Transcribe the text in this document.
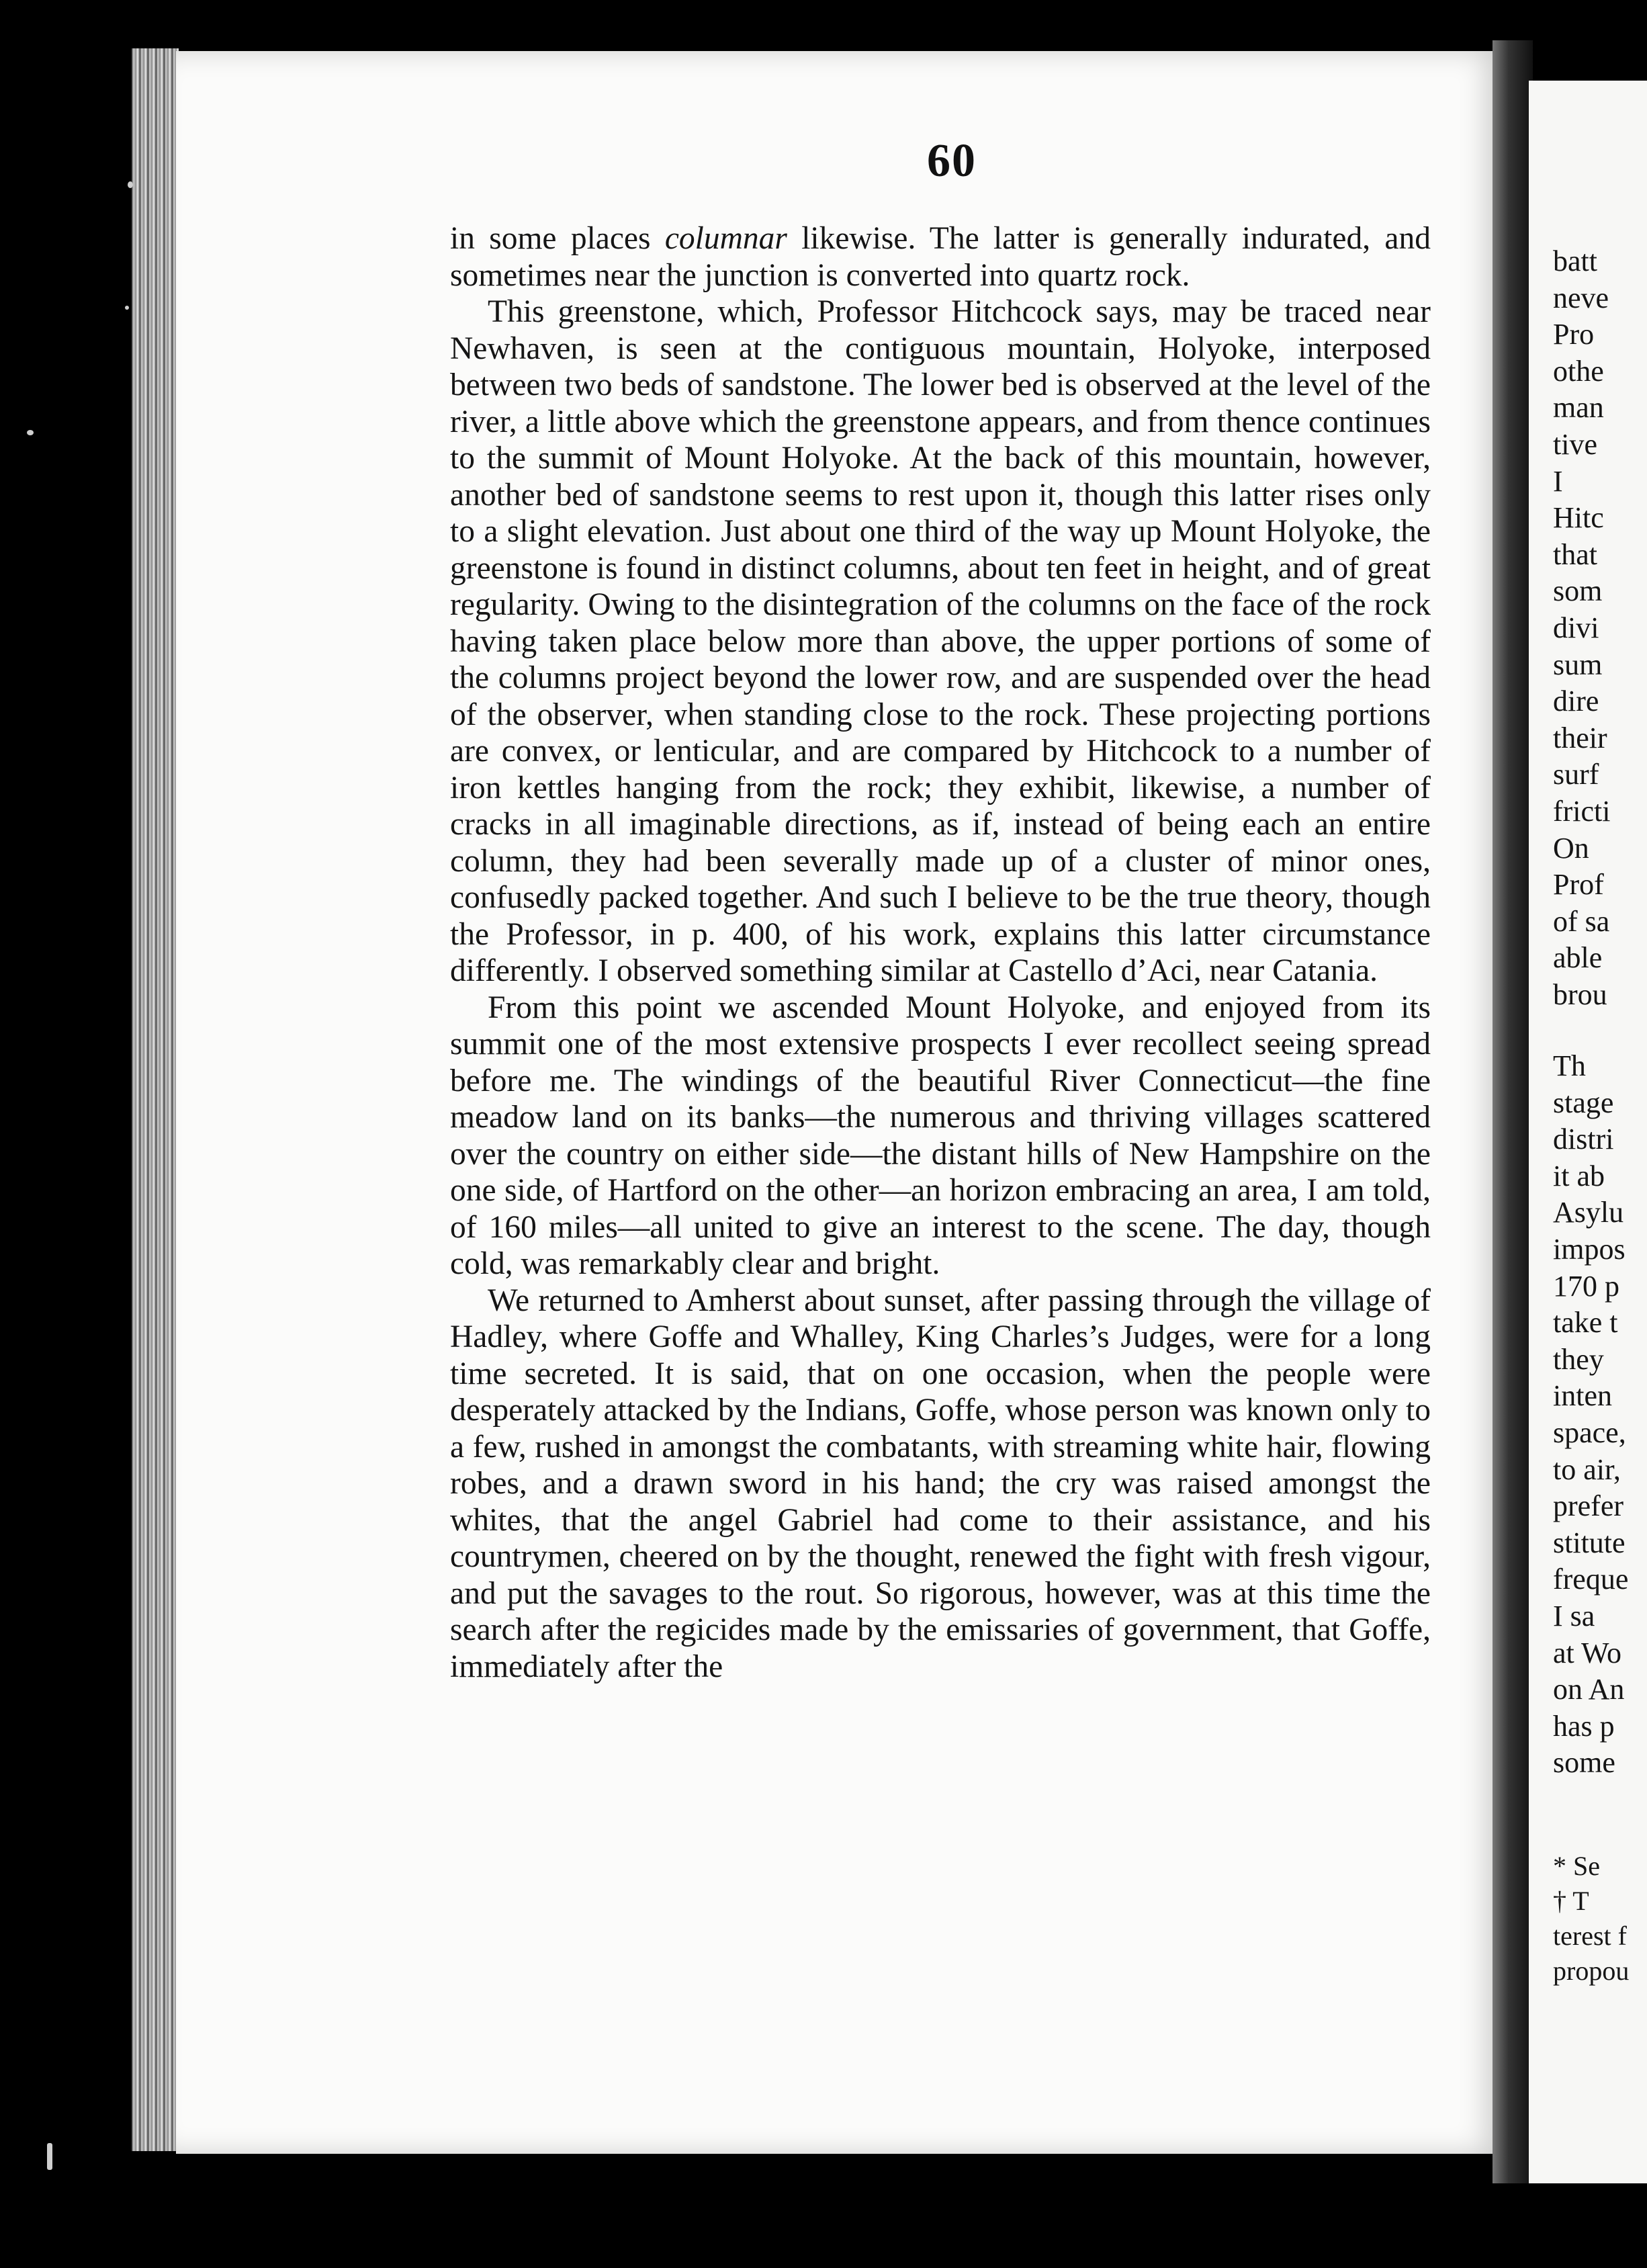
60

in some places columnar likewise. The latter is generally indurated, and sometimes near the junction is converted into quartz rock.

This greenstone, which, Professor Hitchcock says, may be traced near Newhaven, is seen at the contiguous mountain, Holyoke, interposed between two beds of sandstone. The lower bed is observed at the level of the river, a little above which the greenstone appears, and from thence continues to the summit of Mount Holyoke. At the back of this mountain, however, another bed of sandstone seems to rest upon it, though this latter rises only to a slight elevation. Just about one third of the way up Mount Holyoke, the greenstone is found in distinct columns, about ten feet in height, and of great regularity. Owing to the disintegration of the columns on the face of the rock having taken place below more than above, the upper portions of some of the columns project beyond the lower row, and are suspended over the head of the observer, when standing close to the rock. These projecting portions are convex, or lenticular, and are compared by Hitchcock to a number of iron kettles hanging from the rock; they exhibit, likewise, a number of cracks in all imaginable directions, as if, instead of being each an entire column, they had been severally made up of a cluster of minor ones, confusedly packed together. And such I believe to be the true theory, though the Professor, in p. 400, of his work, explains this latter circumstance differently. I observed something similar at Castello d’Aci, near Catania.

From this point we ascended Mount Holyoke, and enjoyed from its summit one of the most extensive prospects I ever recollect seeing spread before me. The windings of the beautiful River Connecticut—the fine meadow land on its banks—the numerous and thriving villages scattered over the country on either side—the distant hills of New Hampshire on the one side, of Hartford on the other—an horizon embracing an area, I am told, of 160 miles—all united to give an interest to the scene. The day, though cold, was remarkably clear and bright.

We returned to Amherst about sunset, after passing through the village of Hadley, where Goffe and Whalley, King Charles’s Judges, were for a long time secreted. It is said, that on one occasion, when the people were desperately attacked by the Indians, Goffe, whose person was known only to a few, rushed in amongst the combatants, with streaming white hair, flowing robes, and a drawn sword in his hand; the cry was raised amongst the whites, that the angel Gabriel had come to their assistance, and his countrymen, cheered on by the thought, renewed the fight with fresh vigour, and put the savages to the rout. So rigorous, however, was at this time the search after the regicides made by the emissaries of government, that Goffe, immediately after the

batt
neve
Pro
othe
man
tive
I
Hitc
that
som
divi
sum
dire
their
surf
fricti
On
Prof
of sa
able
brou
Th
stage
distri
it ab
Asylu
impos
170 p
take t
they
inten
space,
to air,
prefer
stitute
freque
I sa
at Wo
on An
has p
some
* Se
† T
terest f
propou
